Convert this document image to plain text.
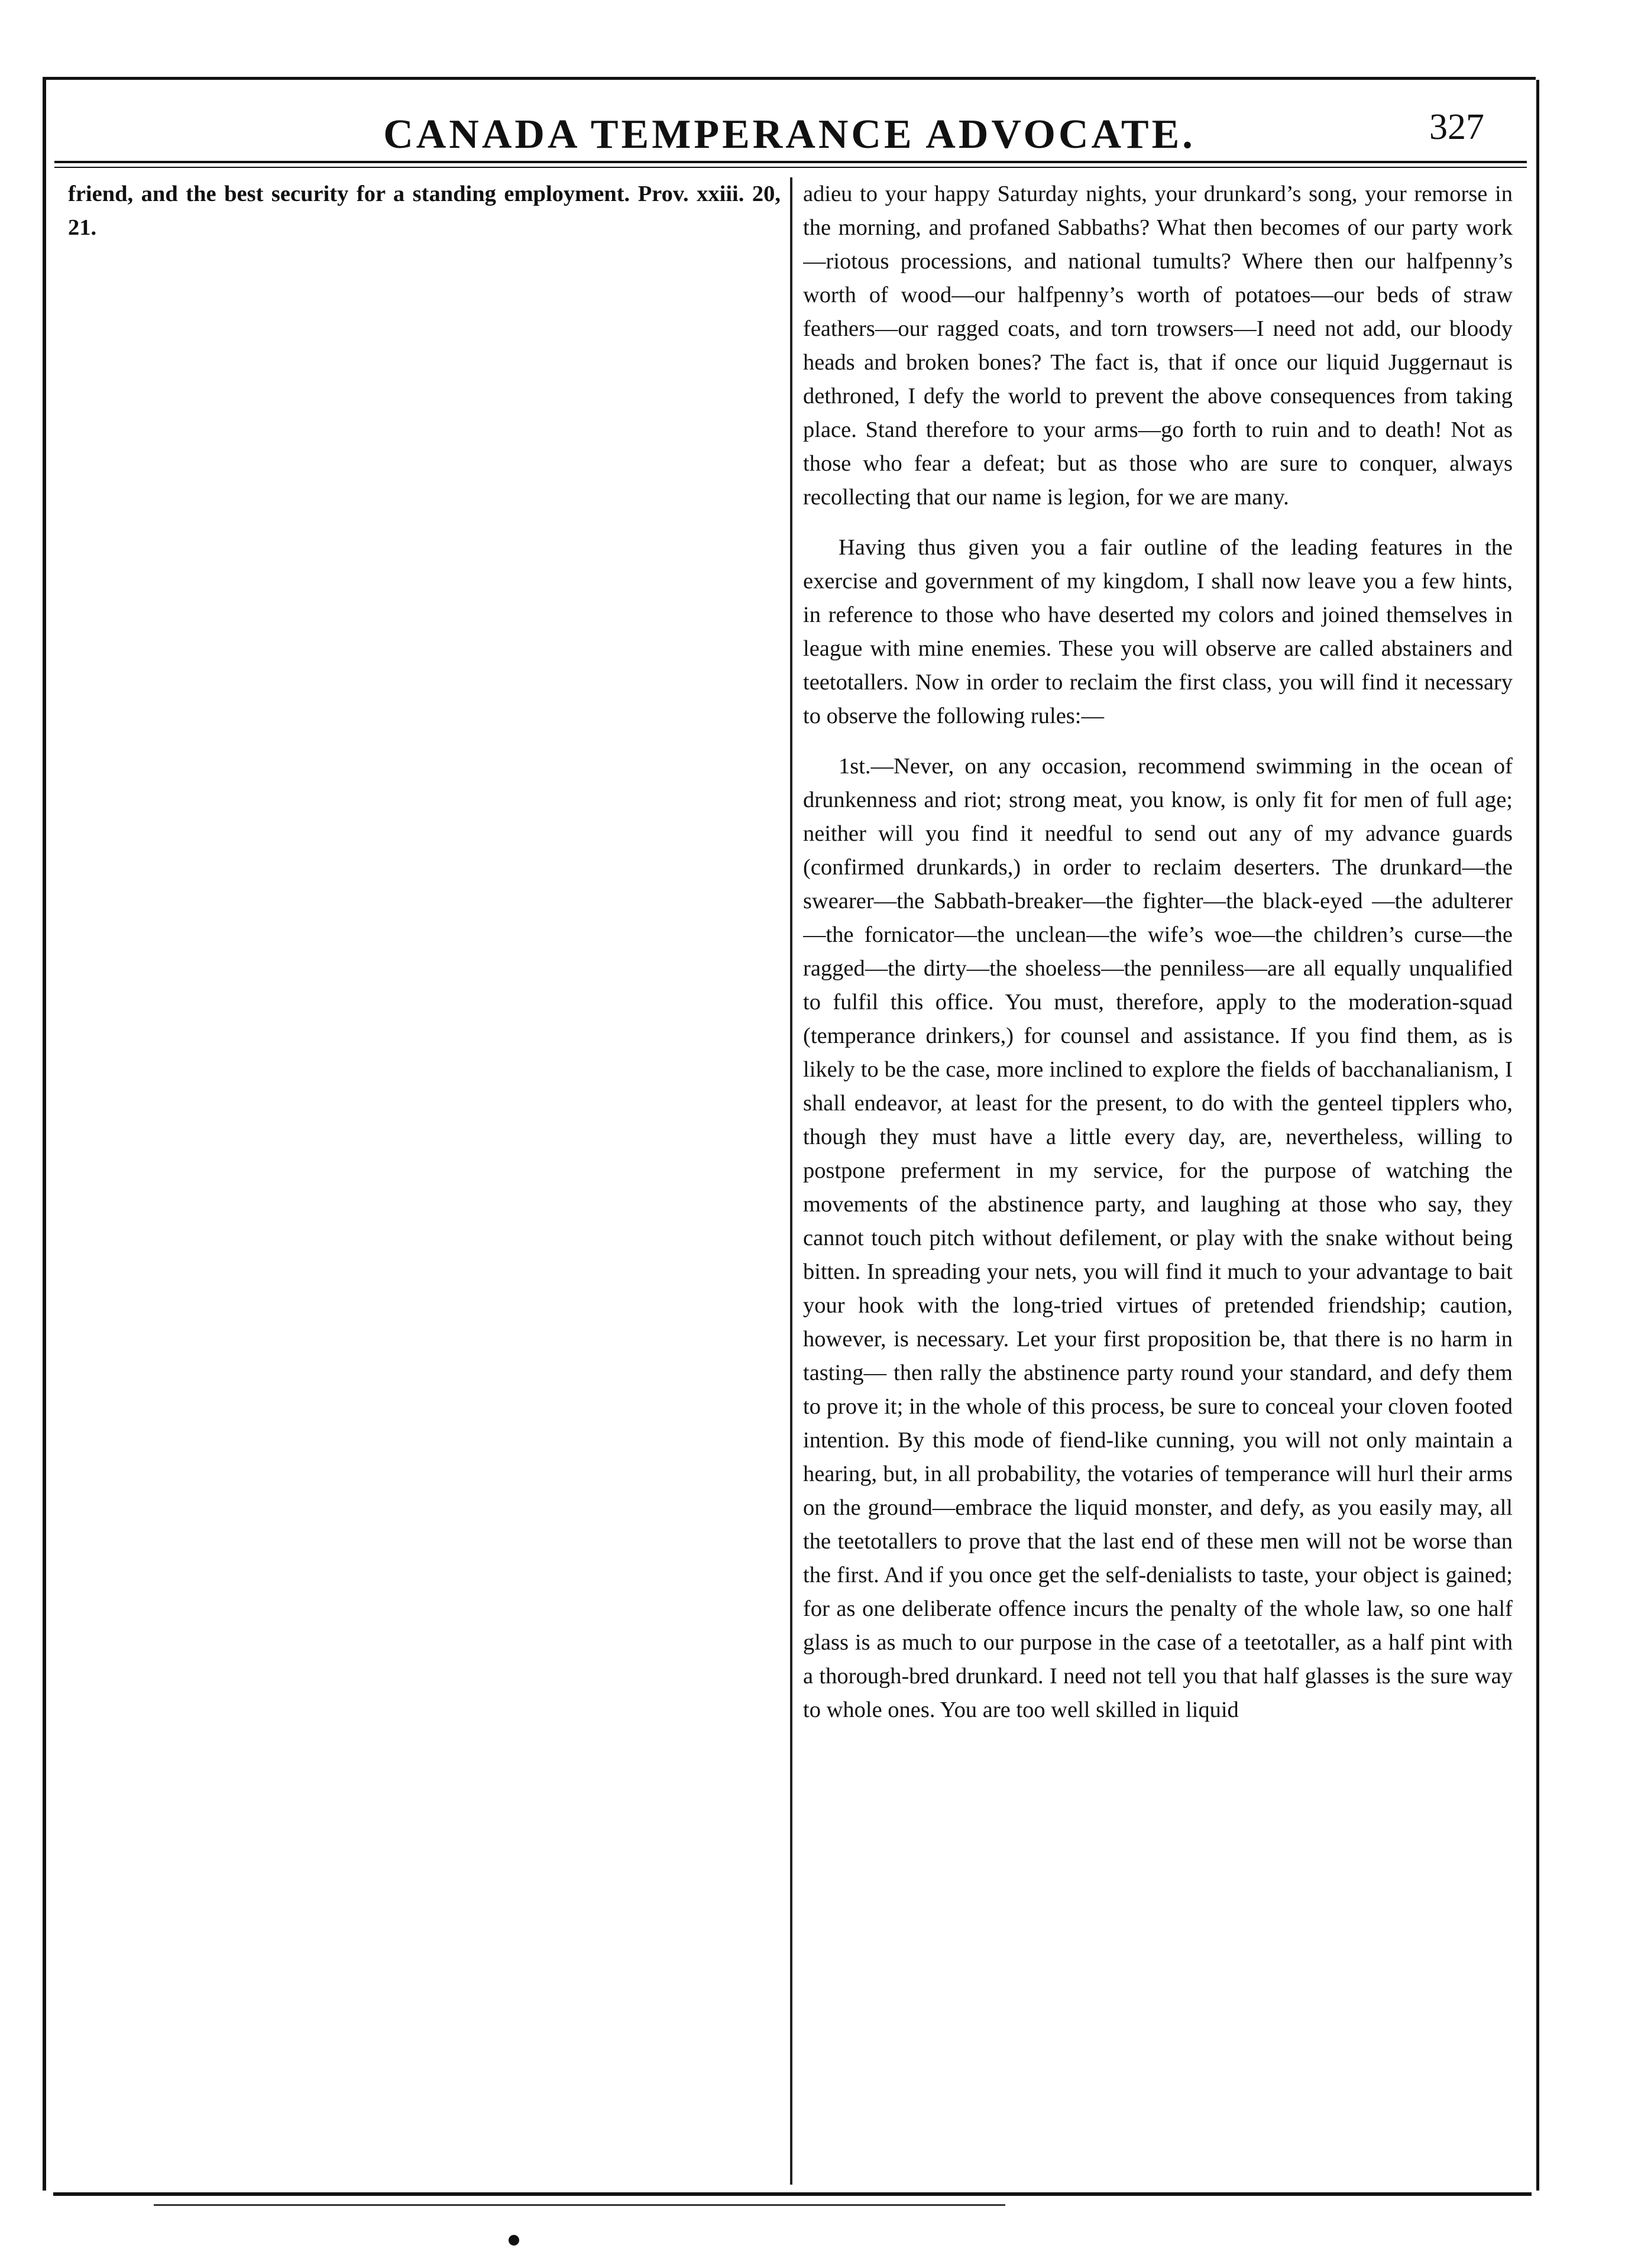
CANADA TEMPERANCE ADVOCATE.	327

friend, and the best security for a standing employment. Prov. xxiii. 20, 21.

adieu to your happy Saturday nights, your drunkard’s song, your remorse in the morning, and profaned Sabbaths? What then becomes of our party work—riotous processions, and national tumults? Where then our halfpenny’s worth of wood—our halfpenny’s worth of potatoes—our beds of straw feathers—our ragged coats, and torn trowsers—I need not add, our bloody heads and broken bones? The fact is, that if once our liquid Juggernaut is dethroned, I defy the world to prevent the above consequences from taking place. Stand therefore to your arms—go forth to ruin and to death! Not as those who fear a defeat; but as those who are sure to conquer, always recollecting that our name is legion, for we are many.

Having thus given you a fair outline of the leading features in the exercise and government of my kingdom, I shall now leave you a few hints, in reference to those who have deserted my colors and joined themselves in league with mine enemies. These you will observe are called abstainers and teetotallers. Now in order to reclaim the first class, you will find it necessary to observe the following rules:—

1st.—Never, on any occasion, recommend swimming in the ocean of drunkenness and riot; strong meat, you know, is only fit for men of full age; neither will you find it needful to send out any of my advance guards (confirmed drunkards,) in order to reclaim deserters. The drunkard—the swearer—the Sabbath-breaker—the fighter—the black-eyed —the adulterer—the fornicator—the unclean—the wife’s woe—the children’s curse—the ragged—the dirty—the shoeless—the penniless—are all equally unqualified to fulfil this office. You must, therefore, apply to the moderation-squad (temperance drinkers,) for counsel and assistance. If you find them, as is likely to be the case, more inclined to explore the fields of bacchanalianism, I shall endeavor, at least for the present, to do with the genteel tipplers who, though they must have a little every day, are, nevertheless, willing to postpone preferment in my service, for the purpose of watching the movements of the abstinence party, and laughing at those who say, they cannot touch pitch without defilement, or play with the snake without being bitten. In spreading your nets, you will find it much to your advantage to bait your hook with the long-tried virtues of pretended friendship; caution, however, is necessary. Let your first proposition be, that there is no harm in tasting— then rally the abstinence party round your standard, and defy them to prove it; in the whole of this process, be sure to conceal your cloven footed intention. By this mode of fiend-like cunning, you will not only maintain a hearing, but, in all probability, the votaries of temperance will hurl their arms on the ground—embrace the liquid monster, and defy, as you easily may, all the teetotallers to prove that the last end of these men will not be worse than the first. And if you once get the self-denialists to taste, your object is gained; for as one deliberate offence incurs the penalty of the whole law, so one half glass is as much to our purpose in the case of a teetotaller, as a half pint with a thorough-bred drunkard. I need not tell you that half glasses is the sure way to whole ones. You are too well skilled in liquid
